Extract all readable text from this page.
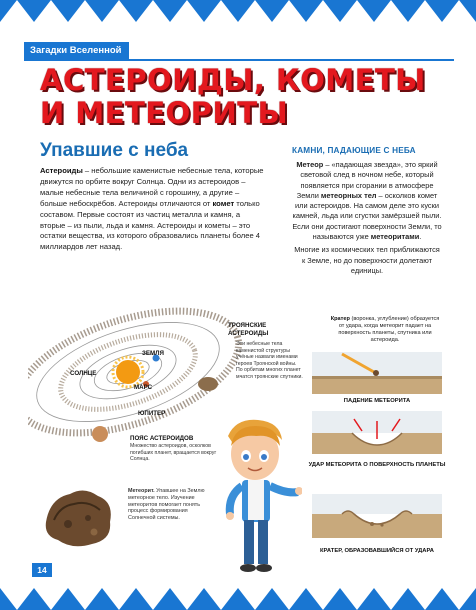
Загадки Вселенной
АСТЕРОИДЫ, КОМЕТЫ
И МЕТЕОРИТЫ
Упавшие с неба
Астероиды – небольшие каменистые небесные тела, которые движутся по орбите вокруг Солнца. Одни из астероидов – малые небесные тела величиной с горошину, а другие – больше небоскрёбов. Астероиды отличаются от комет только составом. Первые состоят из частиц металла и камня, а вторые – из пыли, льда и камня. Астероиды и кометы – это остатки вещества, из которого образовались планеты более 4 миллиардов лет назад.
КАМНИ, ПАДАЮЩИЕ С НЕБА

Метеор – «падающая звезда», это яркий световой след в ночном небе, который появляется при сгорании в атмосфере Земли метеорных тел – осколков комет или астероидов. На самом деле это куски камней, льда или сгустки замёрзшей пыли. Если они достигают поверхности Земли, то называются уже метеоритами.

Многие из космических тел приближаются к Земле, но до поверхности долетают единицы.

СОЛНЦЕ
ЗЕМЛЯ
МАРС
ЮПИТЕР
ТРОЯНСКИЕ АСТЕРОИДЫ
Эти небесные тела каменистой структуры учёные назвали именами героев Троянской войны. По орбитам многих планет мчатся троянские спутники.
ПОЯС АСТЕРОИДОВ
Множество астероидов, осколков погибших планет, вращается вокруг Солнца.
Метеорит. Упавшее на Землю метеорное тело. Изучение метеоритов помогает понять процесс формирования Солнечной системы.
Кратер (воронка, углубление) образуется от удара, когда метеорит падает на поверхность планеты, спутника или астероида.
ПАДЕНИЕ МЕТЕОРИТА
УДАР МЕТЕОРИТА О ПОВЕРХНОСТЬ ПЛАНЕТЫ
КРАТЕР, ОБРАЗОВАВШИЙСЯ ОТ УДАРА
14
